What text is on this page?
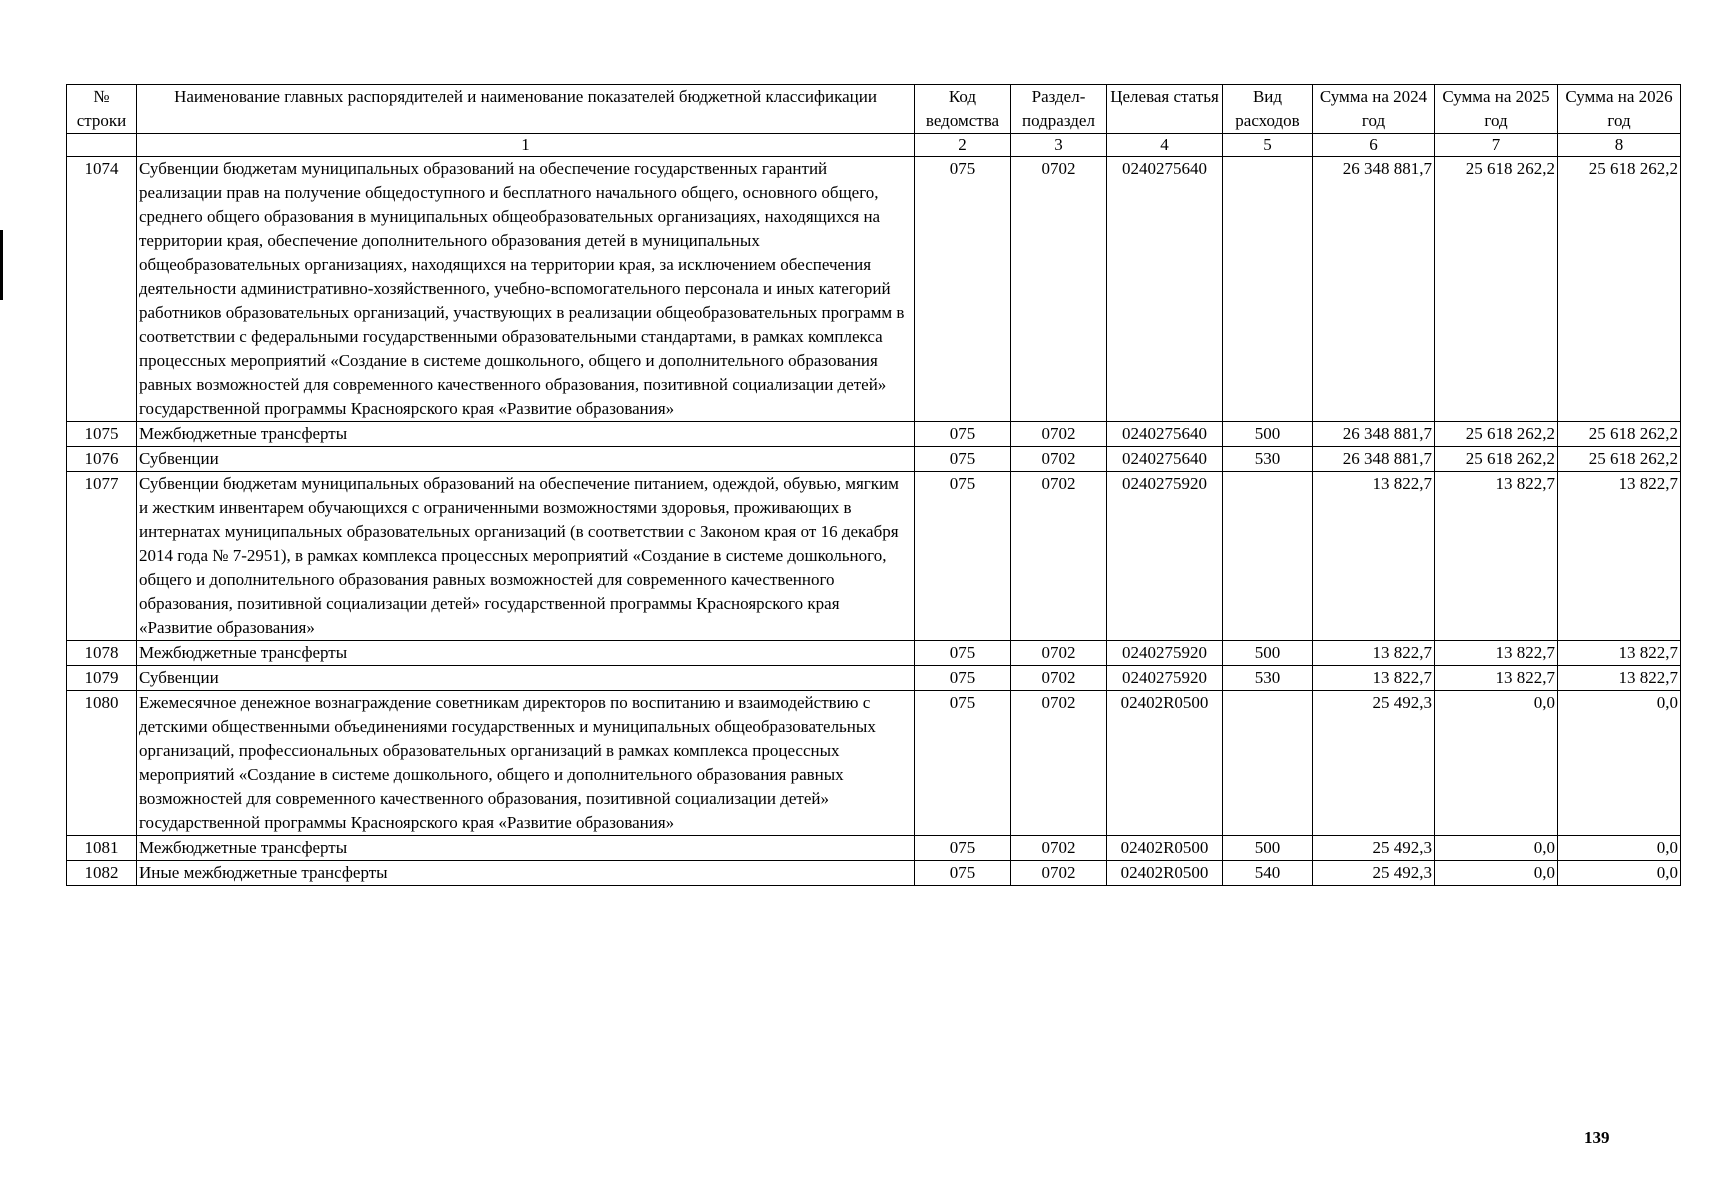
№ строки	Наименование главных распорядителей и наименование показателей бюджетной классификации	Код ведомства	Раздел-подраздел	Целевая статья	Вид расходов	Сумма на 2024 год	Сумма на 2025 год	Сумма на 2026 год
	1	2	3	4	5	6	7	8
1074	Субвенции бюджетам муниципальных образований на обеспечение государственных гарантий реализации прав на получение общедоступного и бесплатного начального общего, основного общего, среднего общего образования в муниципальных общеобразовательных организациях, находящихся на территории края, обеспечение дополнительного образования детей в муниципальных общеобразовательных организациях, находящихся на территории края, за исключением обеспечения деятельности административно-хозяйственного, учебно-вспомогательного персонала и иных категорий работников образовательных организаций, участвующих в реализации общеобразовательных программ в соответствии с федеральными государственными образовательными стандартами, в рамках комплекса процессных мероприятий «Создание в системе дошкольного, общего и дополнительного образования равных возможностей для современного качественного образования, позитивной социализации детей» государственной программы Красноярского края «Развитие образования»	075	0702	0240275640		26 348 881,7	25 618 262,2	25 618 262,2
1075	Межбюджетные трансферты	075	0702	0240275640	500	26 348 881,7	25 618 262,2	25 618 262,2
1076	Субвенции	075	0702	0240275640	530	26 348 881,7	25 618 262,2	25 618 262,2
1077	Субвенции бюджетам муниципальных образований на обеспечение питанием, одеждой, обувью, мягким и жестким инвентарем обучающихся с ограниченными возможностями здоровья, проживающих в интернатах муниципальных образовательных организаций (в соответствии с Законом края от 16 декабря 2014 года № 7-2951), в рамках комплекса процессных мероприятий «Создание в системе дошкольного, общего и дополнительного образования равных возможностей для современного качественного образования, позитивной социализации детей» государственной программы Красноярского края «Развитие образования»	075	0702	0240275920		13 822,7	13 822,7	13 822,7
1078	Межбюджетные трансферты	075	0702	0240275920	500	13 822,7	13 822,7	13 822,7
1079	Субвенции	075	0702	0240275920	530	13 822,7	13 822,7	13 822,7
1080	Ежемесячное денежное вознаграждение советникам директоров по воспитанию и взаимодействию с детскими общественными объединениями государственных и муниципальных общеобразовательных организаций, профессиональных образовательных организаций в рамках комплекса процессных мероприятий «Создание в системе дошкольного, общего и дополнительного образования равных возможностей для современного качественного образования, позитивной социализации детей» государственной программы Красноярского края «Развитие образования»	075	0702	02402R0500		25 492,3	0,0	0,0
1081	Межбюджетные трансферты	075	0702	02402R0500	500	25 492,3	0,0	0,0
1082	Иные межбюджетные трансферты	075	0702	02402R0500	540	25 492,3	0,0	0,0
139
